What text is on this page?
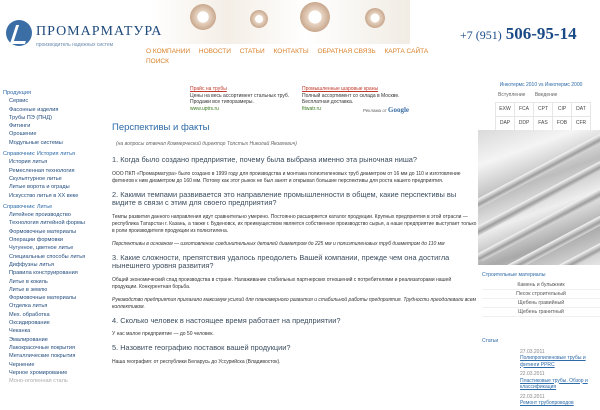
ПРОМАРМАТУРА
производитель надежных систем
+7 (951) 506-95-14
О КОМПАНИИ НОВОСТИ СТАТЬИ КОНТАКТЫ ОБРАТНАЯ СВЯЗЬ КАРТА САЙТА ПОИСК
Продукция
Сервис
Фасонные изделия
Трубы ПЭ (ПНД)
Фитинги
Орошение
Модульные системы
Справочник: История литья
История литья
Ремесленная технология
Скульптурное литье
Литые ворота и ограды
Искусство литья в XX веке
Справочник: Литье
Литейное производство
Технология литейной формы
Формовочные материалы
Операции формовки
Чугунное, цветное литье
Специальные способы литья
Диффузны литья
Правила конструирования
Литье в кокиль
Литье в землю
Формовочные материалы
Отделка литья
Мех. обработка
Оксидирование
Чеканка
Эмалирование
Лакокрасочные покрытия
Металлические покрытия
Чернение
Черное хромирование
Моно-оголенная сталь
Прайс на трубы
Цены на весь ассортимент стальных труб.
Продажи все типоразмеры.
www.uptrs.ru
Промышленные шаровые краны
Полный ассортимент со склада в Москве.
Бесплатная доставка.
fitwatr.ru	Реклама от Google
Перспективы и факты
(на вопросы отвечал Коммерческий директор Толстых Николай Яковлевич)
1. Когда было создано предприятие, почему была выбрана именно эта рыночная ниша?

ООО ПКП «Промарматура» было создано в 1999 году для производства и монтажа полиэтиленовых труб диаметром от 16 мм до 110 и изготовление фитингов к ним диаметром до 160 мм. Потому как этот рынок не был занят и открывал большие перспективы для роста нашего предприятия.

2. Какими темпами развивается это направление промышленности в общем, какие перспективы вы видите в связи с этим для своего предприятия?

Темпы развития данного направления идут сравнительно умерено. Постоянно расширяется каталог продукции. Крупных предприятия в этой отрасли — республика Татарстан г. Казань, а также г. Буденовск, их преимуществом является собственное производство сырья, а наше предприятие выступает только в роли производителя продукции из полиэтилена.

Перспективы в основном — изготовление соединительных деталей диаметром до 225 мм и полиэтиленовых труб диаметром до 110 мм

3. Какие сложности, препятствия удалось преодолеть Вашей компании, прежде чем она достигла нынешнего уровня развития?

Общий экономический спад производства в стране. Налаживание стабильных партнерских отношений с потребителями и реализаторами нашей продукции. Конкурентная борьба.

Руководство предприятия прилагало максимум усилий для планомерного развития и стабильной работы предприятия. Трудности преодолевали всем коллективом.

4. Сколько человек в настоящее время работает на предприятии?

У нас малое предприятие — до 50 человек.

5. Назовите географию поставок вашей продукции?

Наша география: от республики Беларусь до Уссурийска (Владивосток).

Инкотермс 2010 vs Инкотермс 2000
Вступление Введение
EXW FCA CPT CIP DAT
DAP DDP FAS FOB CFR
Строительные материалы
Камень и булыжник
Песок строительный
Щебень гравийный
Щебень гранитный
Статьи
27.03.2011
Полипропиленовые трубы и фитинги PPRC
22.03.2011
Пластиковые трубы. Обзор и классификация
22.03.2011
Ремонт трубопроводов
